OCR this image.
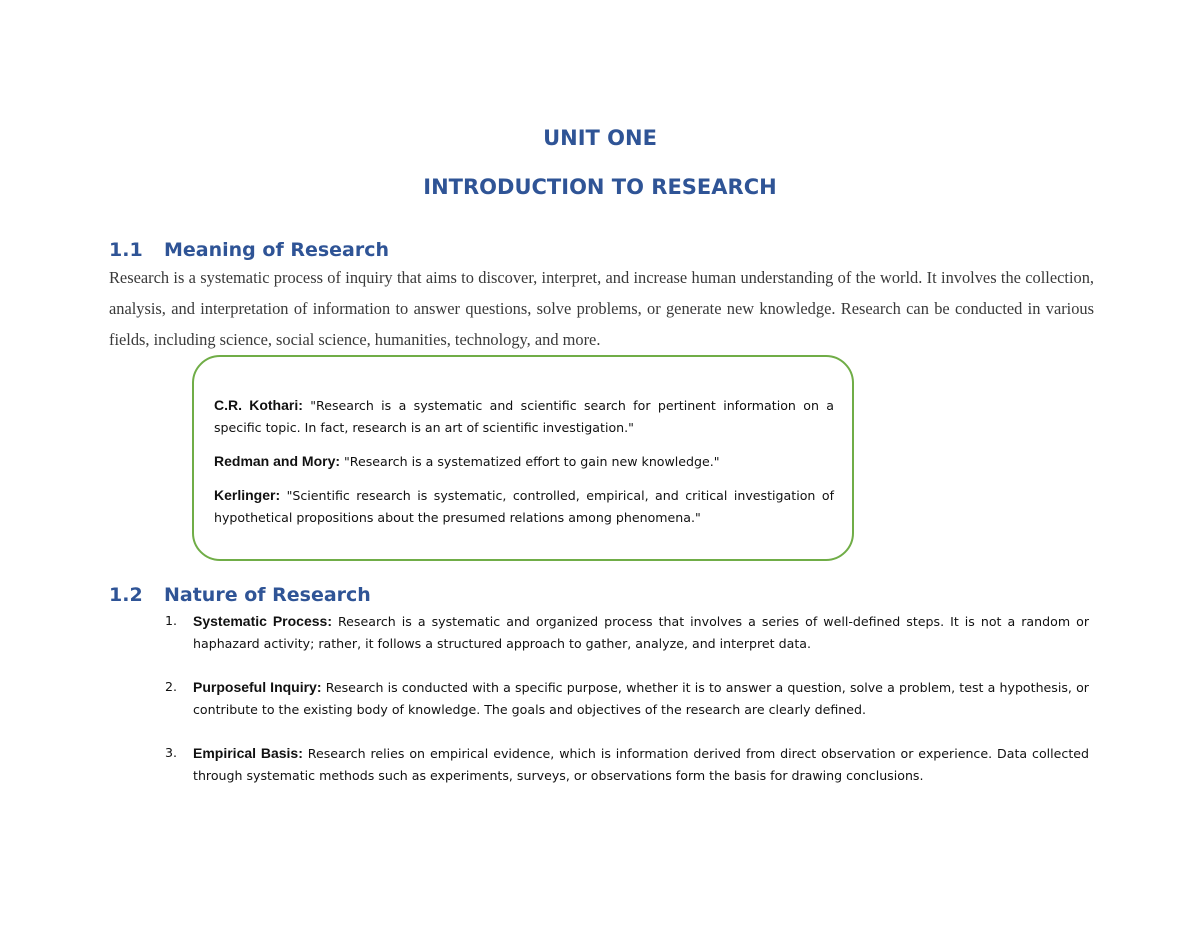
UNIT ONE
INTRODUCTION TO RESEARCH
1.1 Meaning of Research

Research is a systematic process of inquiry that aims to discover, interpret, and increase human understanding of the world. It involves the collection, analysis, and interpretation of information to answer questions, solve problems, or generate new knowledge. Research can be conducted in various fields, including science, social science, humanities, technology, and more.

C.R. Kothari: "Research is a systematic and scientific search for pertinent information on a specific topic. In fact, research is an art of scientific investigation."

Redman and Mory: "Research is a systematized effort to gain new knowledge."

Kerlinger: "Scientific research is systematic, controlled, empirical, and critical investigation of hypothetical propositions about the presumed relations among phenomena."

1.2 Nature of Research

1. Systematic Process: Research is a systematic and organized process that involves a series of well-defined steps. It is not a random or haphazard activity; rather, it follows a structured approach to gather, analyze, and interpret data.

2. Purposeful Inquiry: Research is conducted with a specific purpose, whether it is to answer a question, solve a problem, test a hypothesis, or contribute to the existing body of knowledge. The goals and objectives of the research are clearly defined.

3. Empirical Basis: Research relies on empirical evidence, which is information derived from direct observation or experience. Data collected through systematic methods such as experiments, surveys, or observations form the basis for drawing conclusions.
